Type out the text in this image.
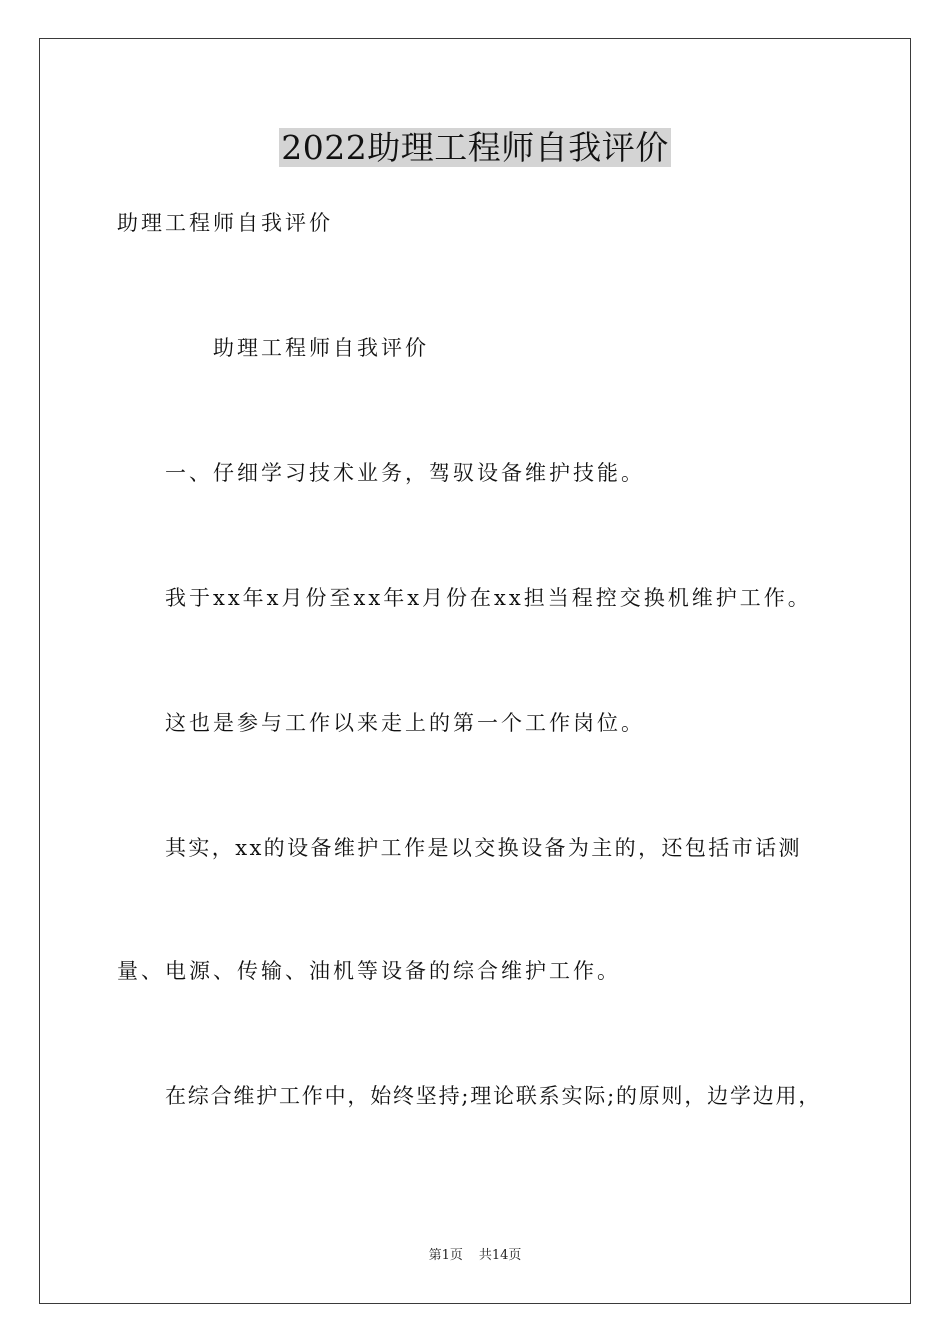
2022助理工程师自我评价

助理工程师自我评价

助理工程师自我评价

一、仔细学习技术业务，驾驭设备维护技能。

我于xx年x月份至xx年x月份在xx担当程控交换机维护工作。

这也是参与工作以来走上的第一个工作岗位。

其实，xx的设备维护工作是以交换设备为主的，还包括市话测

量、电源、传输、油机等设备的综合维护工作。

在综合维护工作中，始终坚持;理论联系实际;的原则，边学边用，

第1页 共14页
